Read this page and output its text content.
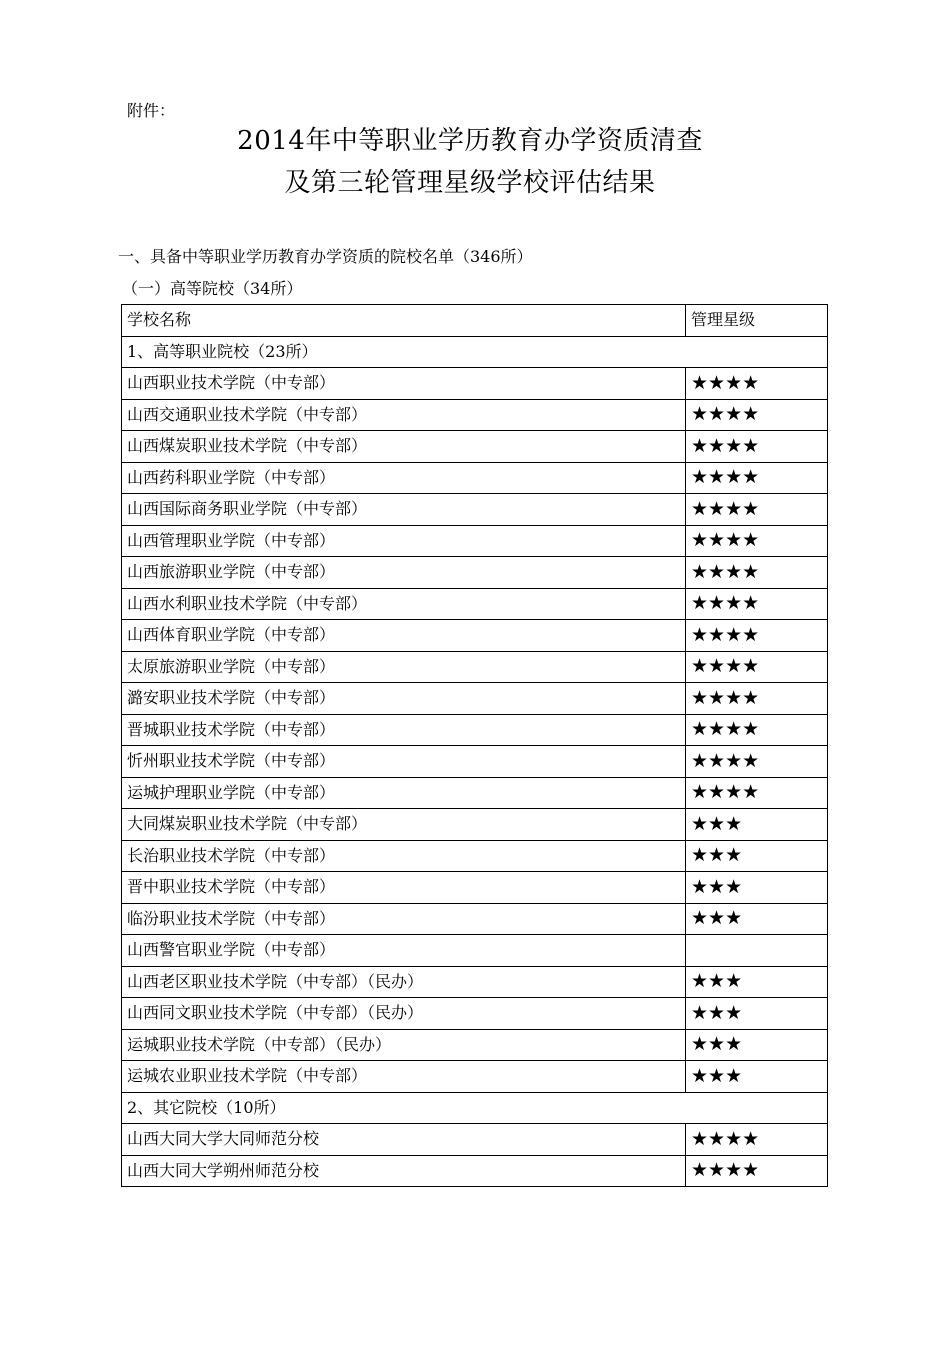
附件：
2014年中等职业学历教育办学资质清查
及第三轮管理星级学校评估结果
一、具备中等职业学历教育办学资质的院校名单（346所）
（一）高等院校（34所）
学校名称	管理星级
1、高等职业院校（23所）	
山西职业技术学院（中专部）	★★★★
山西交通职业技术学院（中专部）	★★★★
山西煤炭职业技术学院（中专部）	★★★★
山西药科职业学院（中专部）	★★★★
山西国际商务职业学院（中专部）	★★★★
山西管理职业学院（中专部）	★★★★
山西旅游职业学院（中专部）	★★★★
山西水利职业技术学院（中专部）	★★★★
山西体育职业学院（中专部）	★★★★
太原旅游职业学院（中专部）	★★★★
潞安职业技术学院（中专部）	★★★★
晋城职业技术学院（中专部）	★★★★
忻州职业技术学院（中专部）	★★★★
运城护理职业学院（中专部）	★★★★
大同煤炭职业技术学院（中专部）	★★★
长治职业技术学院（中专部）	★★★
晋中职业技术学院（中专部）	★★★
临汾职业技术学院（中专部）	★★★
山西警官职业学院（中专部）	
山西老区职业技术学院（中专部）（民办）	★★★
山西同文职业技术学院（中专部）（民办）	★★★
运城职业技术学院（中专部）（民办）	★★★
运城农业职业技术学院（中专部）	★★★
2、其它院校（10所）	
山西大同大学大同师范分校	★★★★
山西大同大学朔州师范分校	★★★★
